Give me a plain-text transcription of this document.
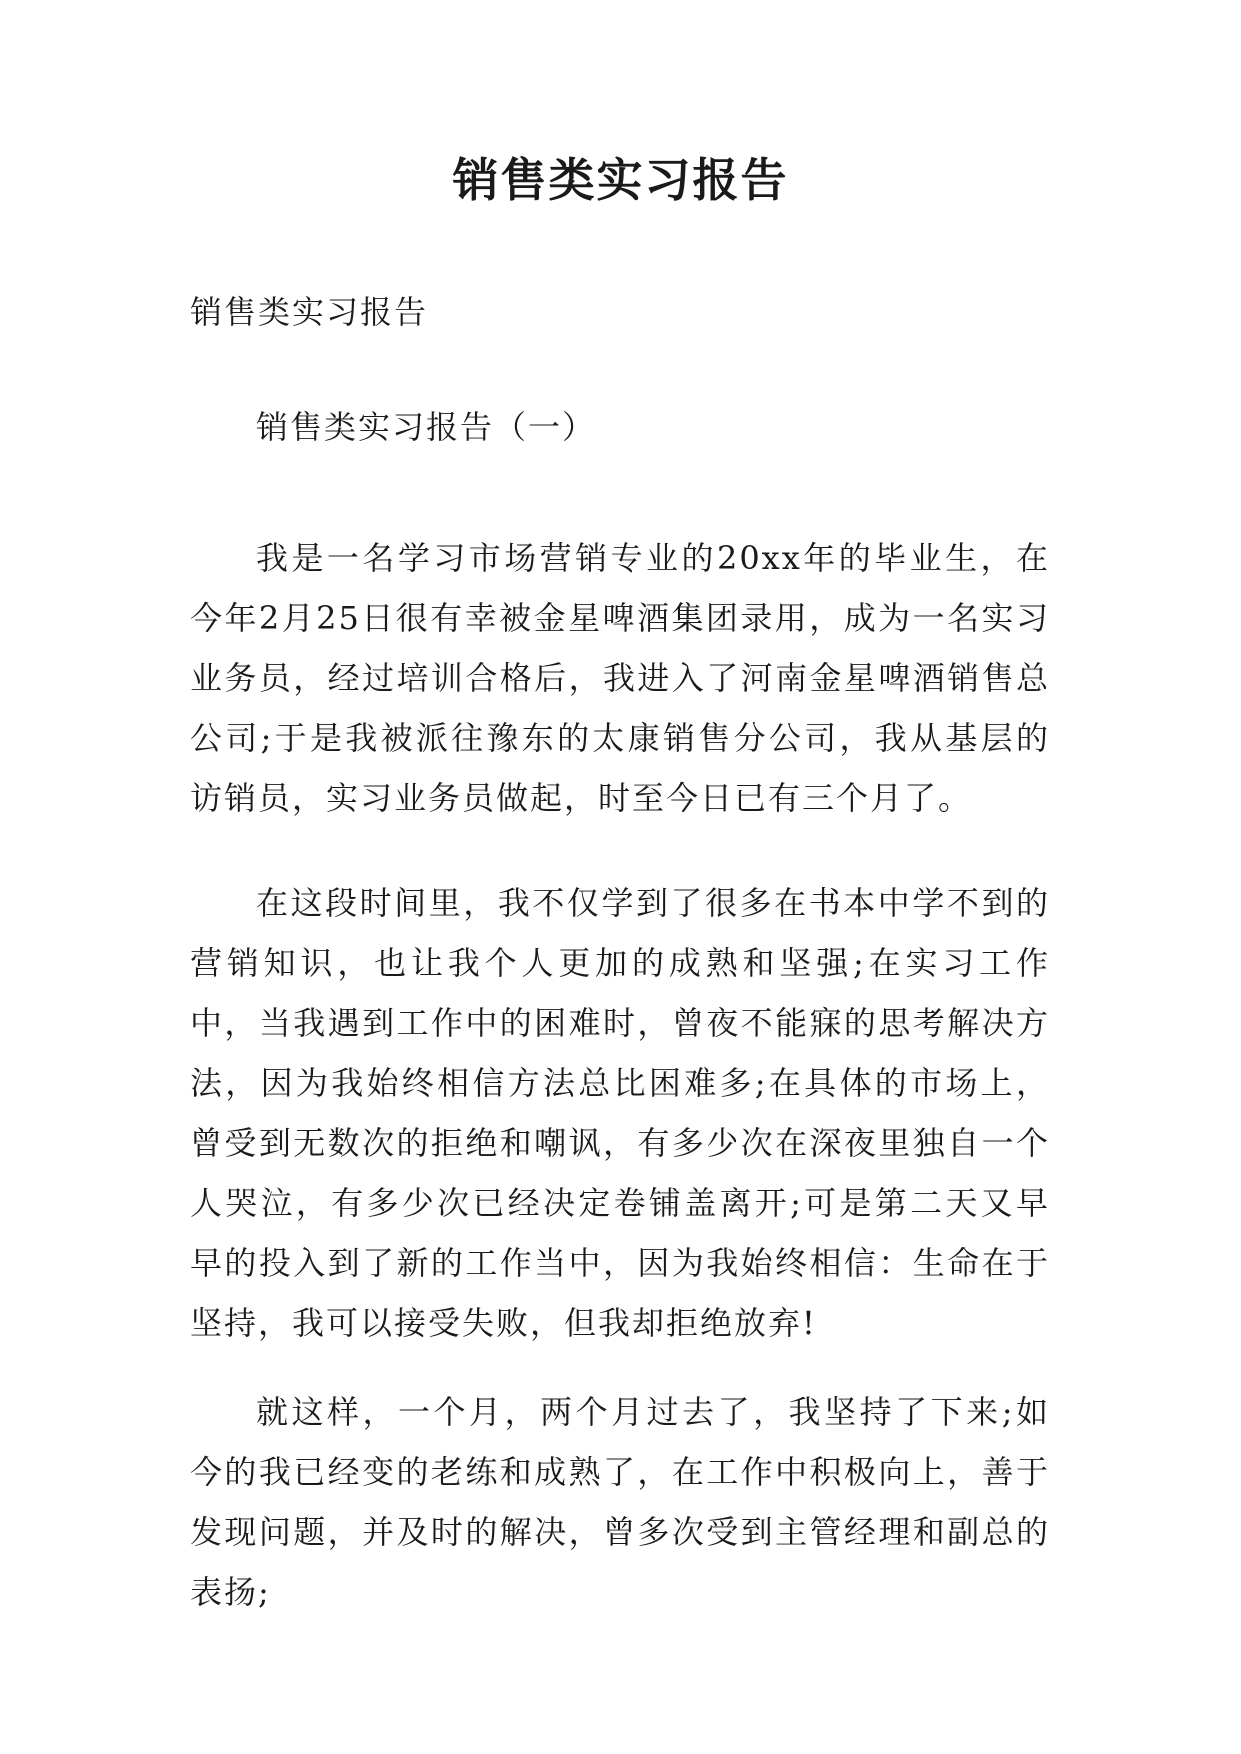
销售类实习报告

销售类实习报告

销售类实习报告（一）

我是一名学习市场营销专业的20xx年的毕业生，在今年2月25日很有幸被金星啤酒集团录用，成为一名实习业务员，经过培训合格后，我进入了河南金星啤酒销售总公司;于是我被派往豫东的太康销售分公司，我从基层的访销员，实习业务员做起，时至今日已有三个月了。

在这段时间里，我不仅学到了很多在书本中学不到的营销知识，也让我个人更加的成熟和坚强;在实习工作中，当我遇到工作中的困难时，曾夜不能寐的思考解决方法，因为我始终相信方法总比困难多;在具体的市场上，曾受到无数次的拒绝和嘲讽，有多少次在深夜里独自一个人哭泣，有多少次已经决定卷铺盖离开;可是第二天又早早的投入到了新的工作当中，因为我始终相信：生命在于坚持，我可以接受失败，但我却拒绝放弃!

就这样，一个月，两个月过去了，我坚持了下来;如今的我已经变的老练和成熟了，在工作中积极向上，善于发现问题，并及时的解决，曾多次受到主管经理和副总的表扬;
